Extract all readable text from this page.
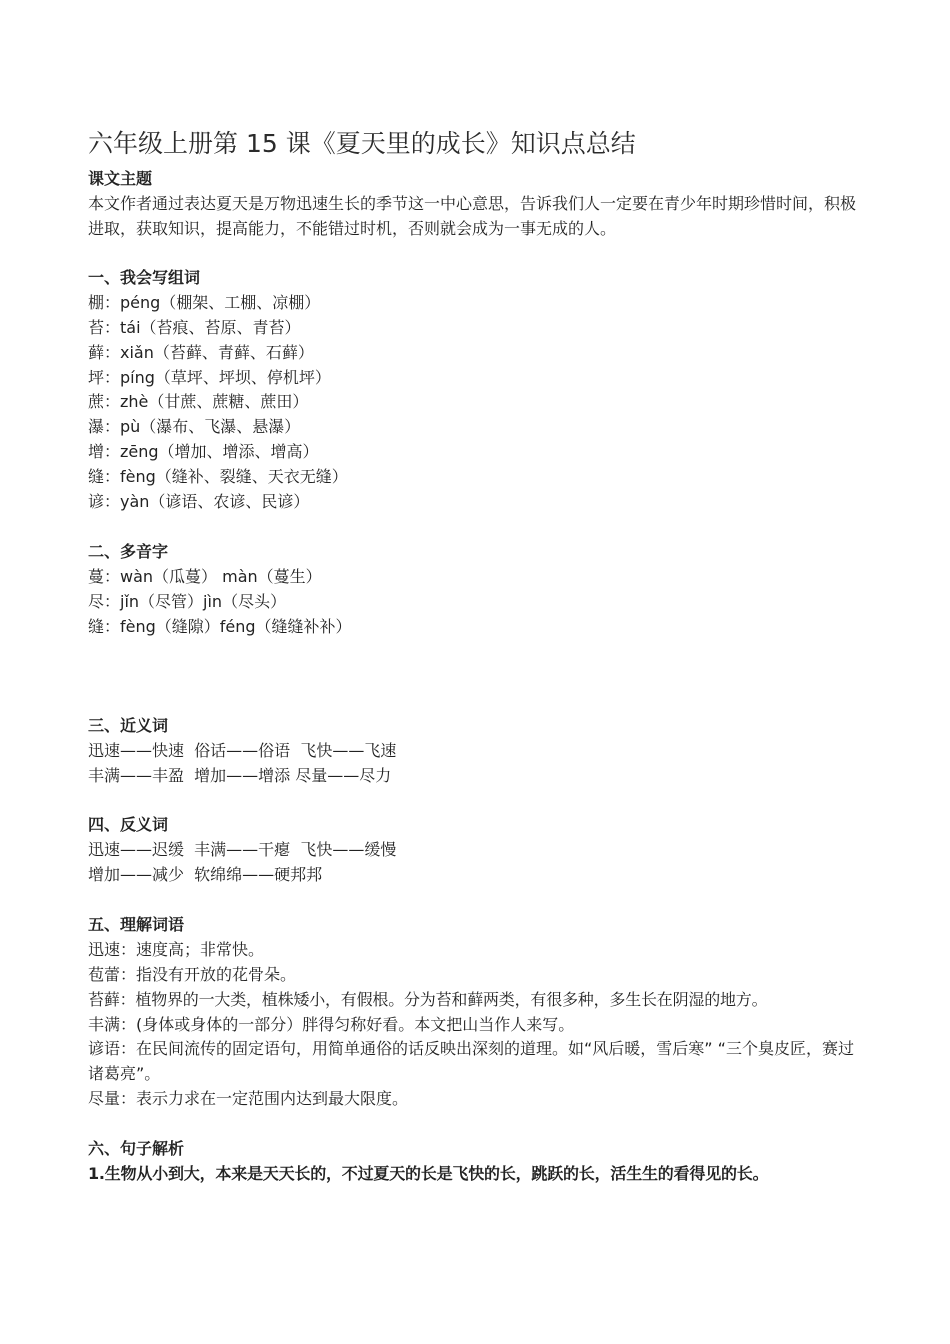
六年级上册第 15 课《夏天里的成长》知识点总结
课文主题
本文作者通过表达夏天是万物迅速生长的季节这一中心意思，告诉我们人一定要在青少年时期珍惜时间，积极进取，获取知识，提高能力，不能错过时机，否则就会成为一事无成的人。
一、我会写组词
棚：péng（棚架、工棚、凉棚）
苔：tái（苔痕、苔原、青苔）
藓：xiǎn（苔藓、青藓、石藓）
坪：píng（草坪、坪坝、停机坪）
蔗：zhè（甘蔗、蔗糖、蔗田）
瀑：pù（瀑布、飞瀑、悬瀑）
增：zēng（增加、增添、增高）
缝：fèng（缝补、裂缝、天衣无缝）
谚：yàn（谚语、农谚、民谚）
二、多音字
蔓：wàn（瓜蔓） màn（蔓生）
尽：jǐn（尽管）jìn（尽头）
缝：fèng（缝隙）féng（缝缝补补）
三、近义词
迅速——快速  俗话——俗语  飞快——飞速
丰满——丰盈  增加——增添 尽量——尽力
四、反义词
迅速——迟缓  丰满——干瘪  飞快——缓慢
增加——减少  软绵绵——硬邦邦
五、理解词语
迅速：速度高；非常快。
苞蕾：指没有开放的花骨朵。
苔藓：植物界的一大类，植株矮小，有假根。分为苔和藓两类，有很多种，多生长在阴湿的地方。
丰满：(身体或身体的一部分）胖得匀称好看。本文把山当作人来写。
谚语：在民间流传的固定语句，用简单通俗的话反映出深刻的道理。如“风后暖，雪后寒” “三个臭皮匠，赛过诸葛亮”。
尽量：表示力求在一定范围内达到最大限度。
六、句子解析
1.生物从小到大，本来是天天长的，不过夏天的长是飞快的长，跳跃的长，活生生的看得见的长。
